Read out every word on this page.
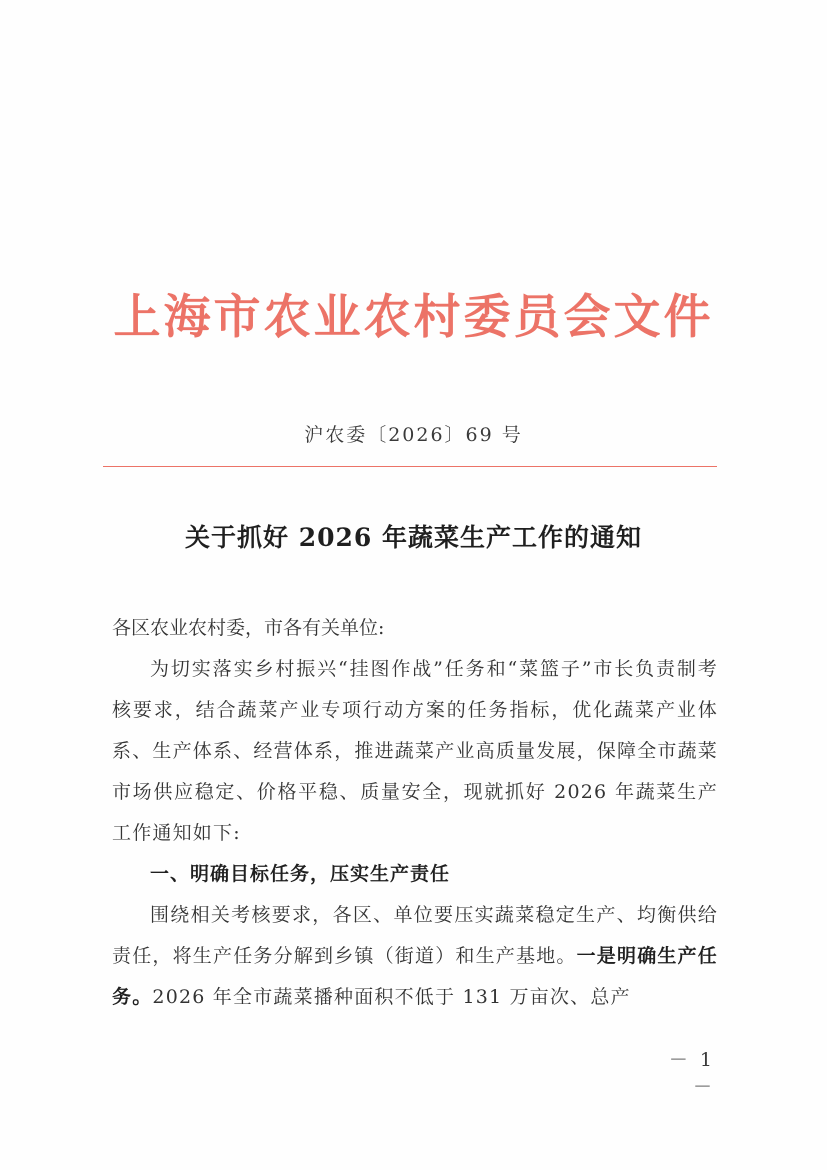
上海市农业农村委员会文件
沪农委〔2026〕69 号
关于抓好 2026 年蔬菜生产工作的通知

各区农业农村委，市各有关单位:

为切实落实乡村振兴“挂图作战”任务和“菜篮子”市长负责制考核要求，结合蔬菜产业专项行动方案的任务指标，优化蔬菜产业体系、生产体系、经营体系，推进蔬菜产业高质量发展，保障全市蔬菜市场供应稳定、价格平稳、质量安全，现就抓好 2026 年蔬菜生产工作通知如下:

一、明确目标任务，压实生产责任

围绕相关考核要求，各区、单位要压实蔬菜稳定生产、均衡供给责任，将生产任务分解到乡镇（街道）和生产基地。一是明确生产任务。2026 年全市蔬菜播种面积不低于 131 万亩次、总产

－ 1 －
